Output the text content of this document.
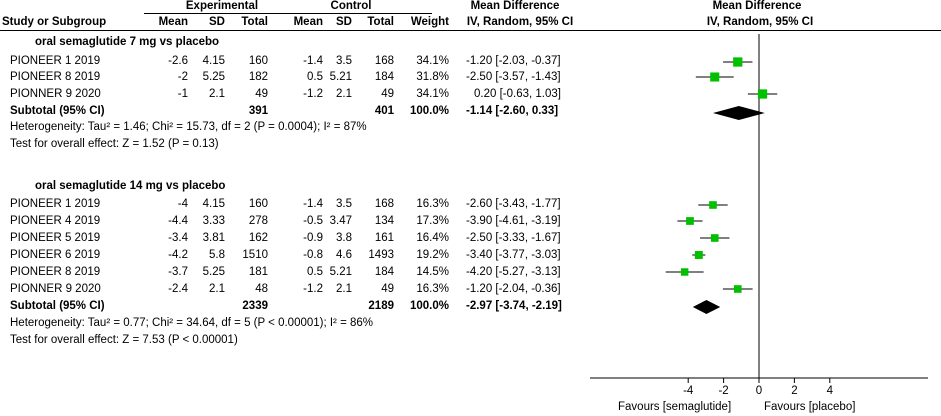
Experimental	Control	Mean Difference	Mean Difference
Study or Subgroup	Mean	SD	Total	Mean	SD	Total	Weight	IV, Random, 95% CI	IV, Random, 95% CI
oral semaglutide 7 mg vs placebo
PIONEER 1 2019	-2.6	4.15	160	-1.4	3.5	168	34.1% -1.20 [-2.03, -0.37]
PIONEER 8 2019	-2	5.25	182	0.5 5.21	184	31.8% -2.50 [-3.57, -1.43]
PIONNER 9 2020	-1	2.1	49	-1.2	2.1	49	34.1% 0.20 [-0.63, 1.03]
Subtotal (95% CI)	391	401	100.0% -1.14 [-2.60, 0.33]
Heterogeneity: Tau² = 1.46; Chi² = 15.73, df = 2 (P = 0.0004); I² = 87%
Test for overall effect: Z = 1.52 (P = 0.13)
oral semaglutide 14 mg vs placebo
PIONEER 1 2019	-4	4.15	160	-1.4	3.5	168	16.3% -2.60 [-3.43, -1.77]
PIONEER 4 2019	-4.4	3.33	278	-0.5 3.47	134	17.3% -3.90 [-4.61, -3.19]
PIONEER 5 2019	-3.4	3.81	162	-0.9	3.8	161	16.4% -2.50 [-3.33, -1.67]
PIONEER 6 2019	-4.2	5.8	1510	-0.8	4.6	1493	19.2% -3.40 [-3.77, -3.03]
PIONEER 8 2019	-3.7	5.25	181	0.5 5.21	184	14.5% -4.20 [-5.27, -3.13]
PIONNER 9 2020	-2.4	2.1	48	-1.2	2.1	49	16.3% -1.20 [-2.04, -0.36]
Subtotal (95% CI)	2339	2189	100.0% -2.97 [-3.74, -2.19]
Heterogeneity: Tau² = 0.77; Chi² = 34.64, df = 5 (P < 0.00001); I² = 86%
Test for overall effect: Z = 7.53 (P < 0.00001)
-4 -2 0	2	4
Favours [semaglutide]	Favours [placebo]
